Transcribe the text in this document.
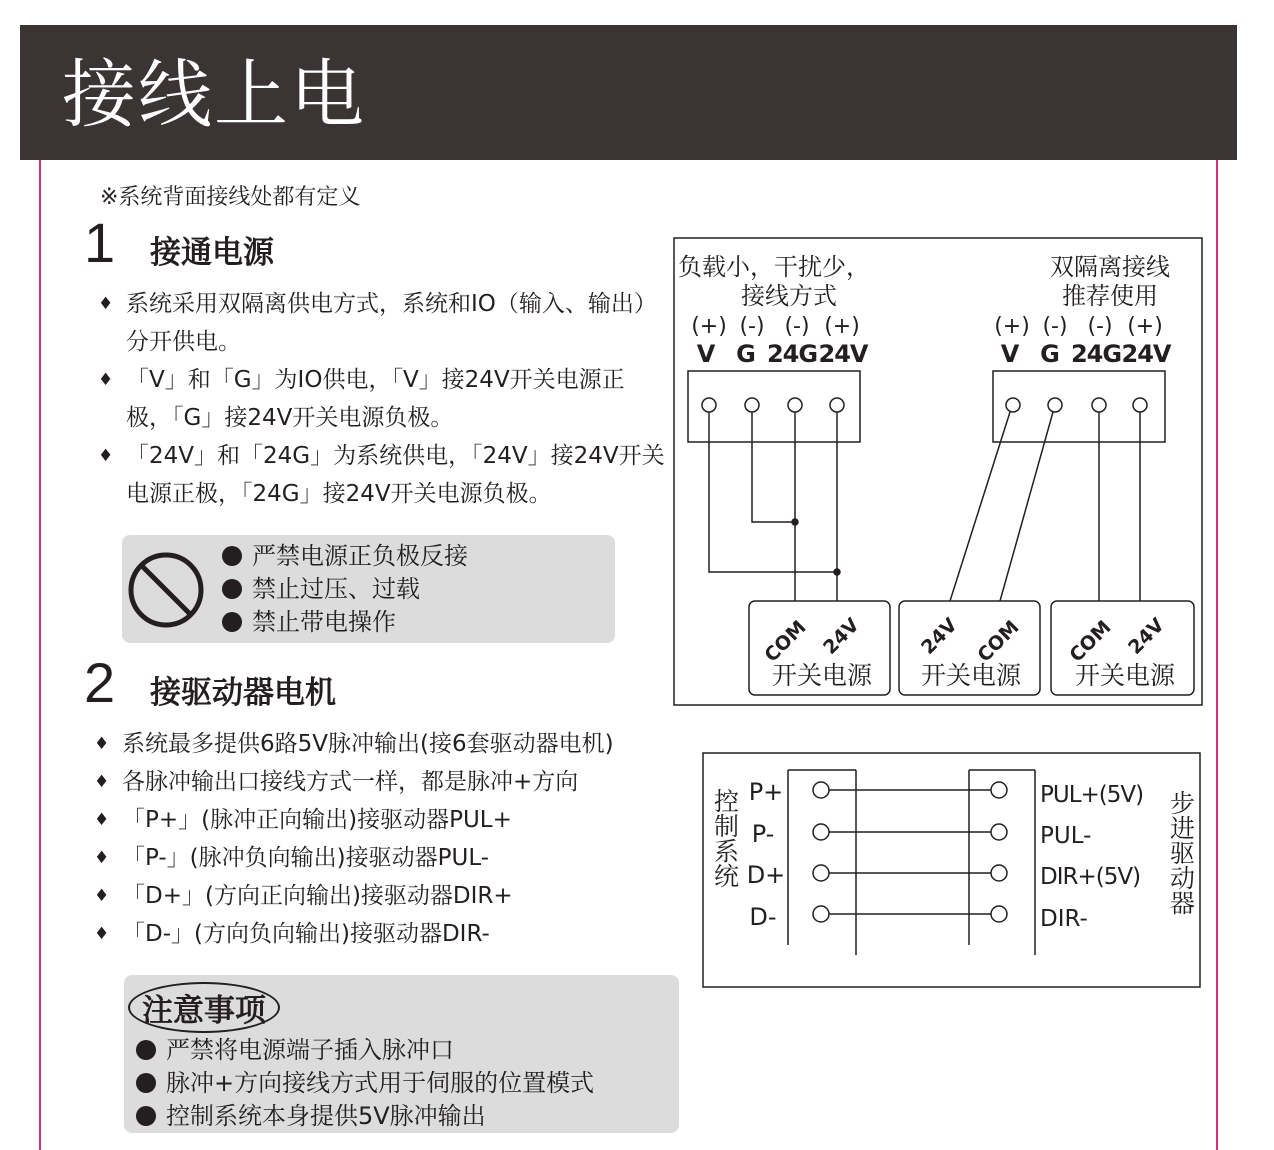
接线上电
※系统背面接线处都有定义
1 接通电源
♦ 系统采用双隔离供电方式，系统和IO（输入、输出）分开供电。
♦ 「V」和「G」为IO供电，「V」接24V开关电源正极，「G」接24V开关电源负极。
♦ 「24V」和「24G」为系统供电，「24V」接24V开关电源正极，「24G」接24V开关电源负极。
严禁电源正负极反接
禁止过压、过载
禁止带电操作
2 接驱动器电机
♦ 系统最多提供6路5V脉冲输出(接6套驱动器电机)
♦ 各脉冲输出口接线方式一样，都是脉冲+方向
♦ 「P+」(脉冲正向输出)接驱动器PUL+
♦ 「P-」(脉冲负向输出)接驱动器PUL-
♦ 「D+」(方向正向输出)接驱动器DIR+
♦ 「D-」(方向负向输出)接驱动器DIR-
注意事项
严禁将电源端子插入脉冲口
脉冲+方向接线方式用于伺服的位置模式
控制系统本身提供5V脉冲输出
负载小，干扰少，
接线方式
双隔离接线
推荐使用
(+) (-) (-) (+)	(+) (-) (-) (+)
V G 24G 24V	V G 24G 24V
COM 24V
开关电源
24V COM
开关电源
COM 24V
开关电源
P+
P-
D+
D-
PUL+(5V)
PUL-
DIR+(5V)
DIR-
控制系统	步进驱动器
